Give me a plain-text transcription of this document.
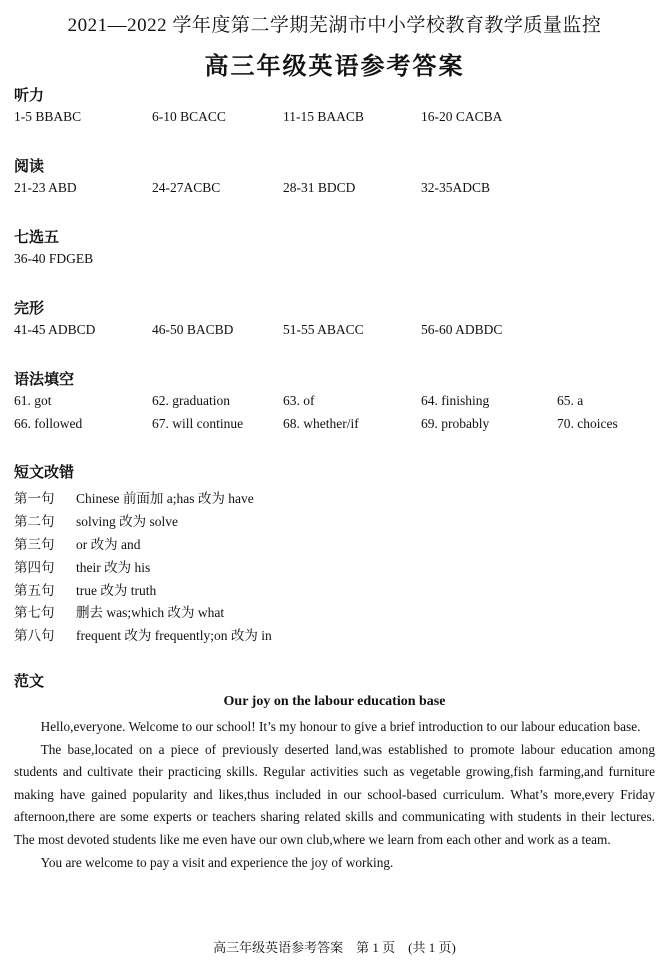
2021—2022 学年度第二学期芜湖市中小学校教育教学质量监控
高三年级英语参考答案
听力
1-5 BBABC	6-10 BCACC	11-15 BAACB	16-20 CACBA
阅读
21-23 ABD	24-27ACBC	28-31 BDCD	32-35ADCB
七选五
36-40 FDGEB
完形
41-45 ADBCD	46-50 BACBD	51-55 ABACC	56-60 ADBDC
语法填空
61. got	62. graduation	63. of	64. finishing	65. a
66. followed	67. will continue	68. whether/if	69. probably	70. choices
短文改错
第一句 Chinese 前面加 a;has 改为 have
第二句 solving 改为 solve
第三句 or 改为 and
第四句 their 改为 his
第五句 true 改为 truth
第七句 删去 was;which 改为 what
第八句 frequent 改为 frequently;on 改为 in
范文
Our joy on the labour education base

Hello,everyone. Welcome to our school! It’s my honour to give a brief introduction to our labour education base.

The base,located on a piece of previously deserted land,was established to promote labour education among students and cultivate their practicing skills. Regular activities such as vegetable growing,fish farming,and furniture making have gained popularity and likes,thus included in our school-based curriculum. What’s more,every Friday afternoon,there are some experts or teachers sharing related skills and communicating with students in their lectures. The most devoted students like me even have our own club,where we learn from each other and work as a team.

You are welcome to pay a visit and experience the joy of working.

高三年级英语参考答案　第 1 页　(共 1 页)
